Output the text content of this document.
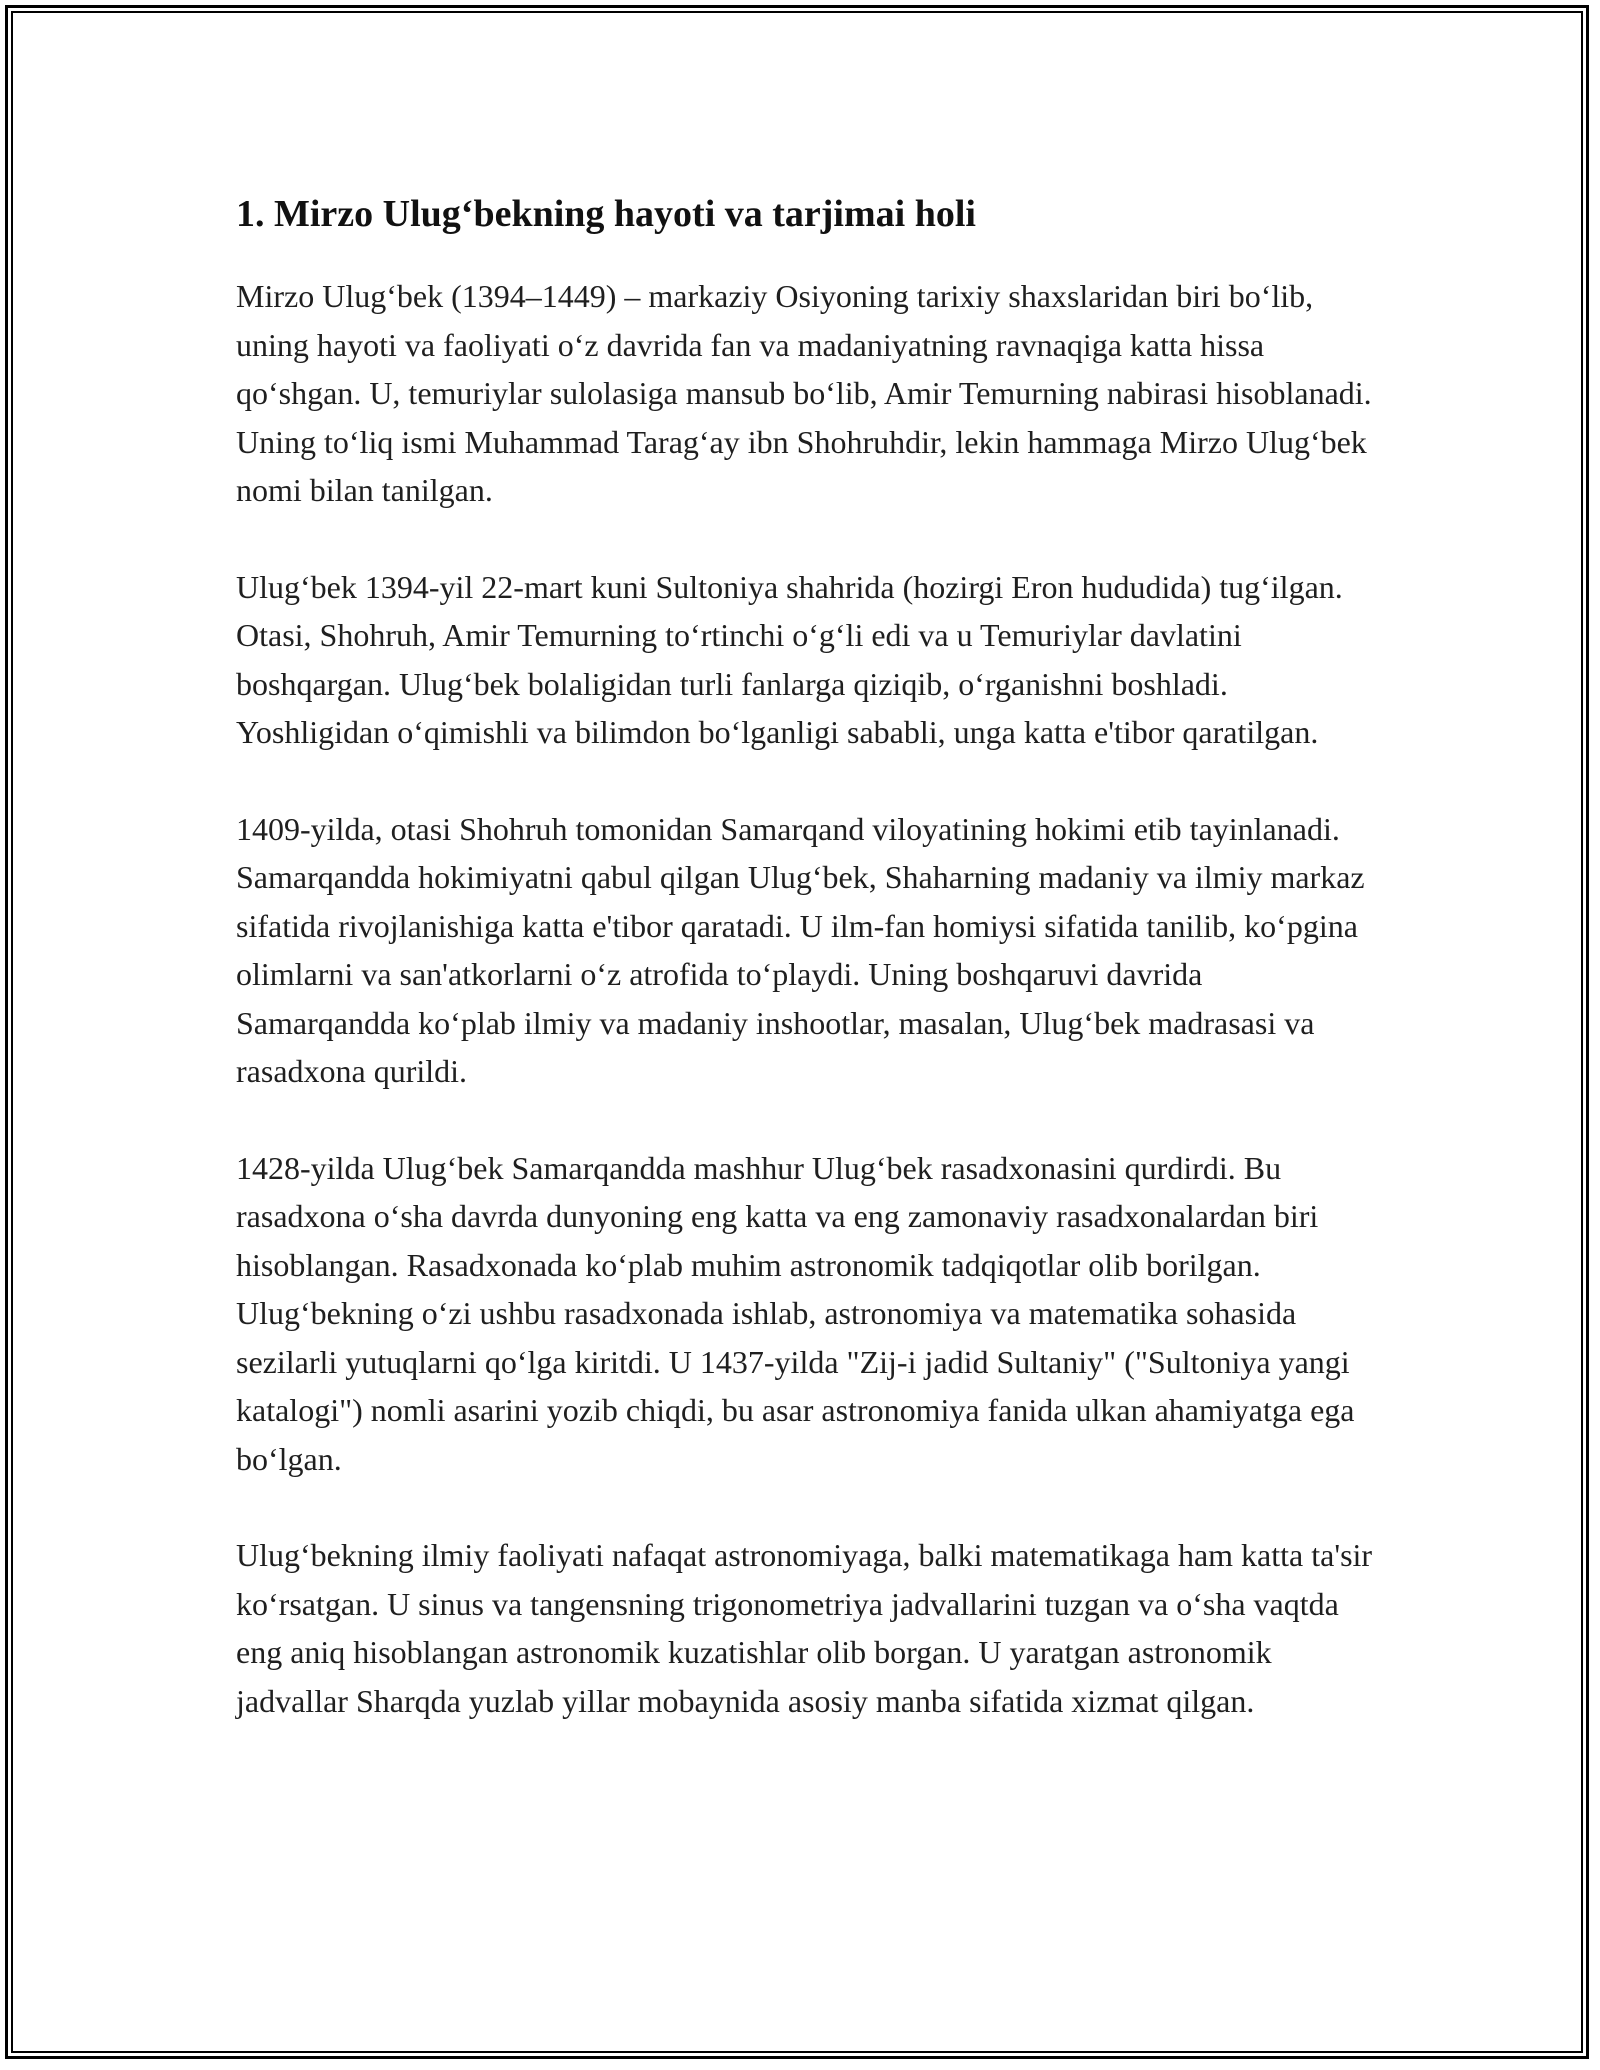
1. Mirzo Ulug‘bekning hayoti va tarjimai holi

Mirzo Ulug‘bek (1394–1449) – markaziy Osiyoning tarixiy shaxslaridan biri bo‘lib, uning hayoti va faoliyati o‘z davrida fan va madaniyatning ravnaqiga katta hissa qo‘shgan. U, temuriylar sulolasiga mansub bo‘lib, Amir Temurning nabirasi hisoblanadi. Uning to‘liq ismi Muhammad Tarag‘ay ibn Shohruhdir, lekin hammaga Mirzo Ulug‘bek nomi bilan tanilgan.

Ulug‘bek 1394-yil 22-mart kuni Sultoniya shahrida (hozirgi Eron hududida) tug‘ilgan. Otasi, Shohruh, Amir Temurning to‘rtinchi o‘g‘li edi va u Temuriylar davlatini boshqargan. Ulug‘bek bolaligidan turli fanlarga qiziqib, o‘rganishni boshladi. Yoshligidan o‘qimishli va bilimdon bo‘lganligi sababli, unga katta e'tibor qaratilgan.

1409-yilda, otasi Shohruh tomonidan Samarqand viloyatining hokimi etib tayinlanadi. Samarqandda hokimiyatni qabul qilgan Ulug‘bek, Shaharning madaniy va ilmiy markaz sifatida rivojlanishiga katta e'tibor qaratadi. U ilm-fan homiysi sifatida tanilib, ko‘pgina olimlarni va san'atkorlarni o‘z atrofida to‘playdi. Uning boshqaruvi davrida Samarqandda ko‘plab ilmiy va madaniy inshootlar, masalan, Ulug‘bek madrasasi va rasadxona qurildi.

1428-yilda Ulug‘bek Samarqandda mashhur Ulug‘bek rasadxonasini qurdirdi. Bu rasadxona o‘sha davrda dunyoning eng katta va eng zamonaviy rasadxonalardan biri hisoblangan. Rasadxonada ko‘plab muhim astronomik tadqiqotlar olib borilgan. Ulug‘bekning o‘zi ushbu rasadxonada ishlab, astronomiya va matematika sohasida sezilarli yutuqlarni qo‘lga kiritdi. U 1437-yilda "Zij-i jadid Sultaniy" ("Sultoniya yangi katalogi") nomli asarini yozib chiqdi, bu asar astronomiya fanida ulkan ahamiyatga ega bo‘lgan.

Ulug‘bekning ilmiy faoliyati nafaqat astronomiyaga, balki matematikaga ham katta ta'sir ko‘rsatgan. U sinus va tangensning trigonometriya jadvallarini tuzgan va o‘sha vaqtda eng aniq hisoblangan astronomik kuzatishlar olib borgan. U yaratgan astronomik jadvallar Sharqda yuzlab yillar mobaynida asosiy manba sifatida xizmat qilgan.
